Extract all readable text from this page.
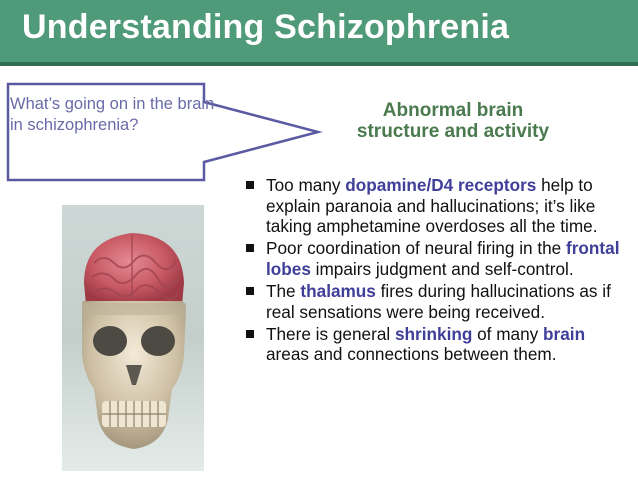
Understanding Schizophrenia
What’s going on in the brain in schizophrenia?
Abnormal brain
structure and activity
Too many dopamine/D4 receptors help to explain paranoia and hallucinations; it’s like taking amphetamine overdoses all the time.
Poor coordination of neural firing in the frontal lobes impairs judgment and self-control.
The thalamus fires during hallucinations as if real sensations were being received.
There is general shrinking of many brain areas and connections between them.
